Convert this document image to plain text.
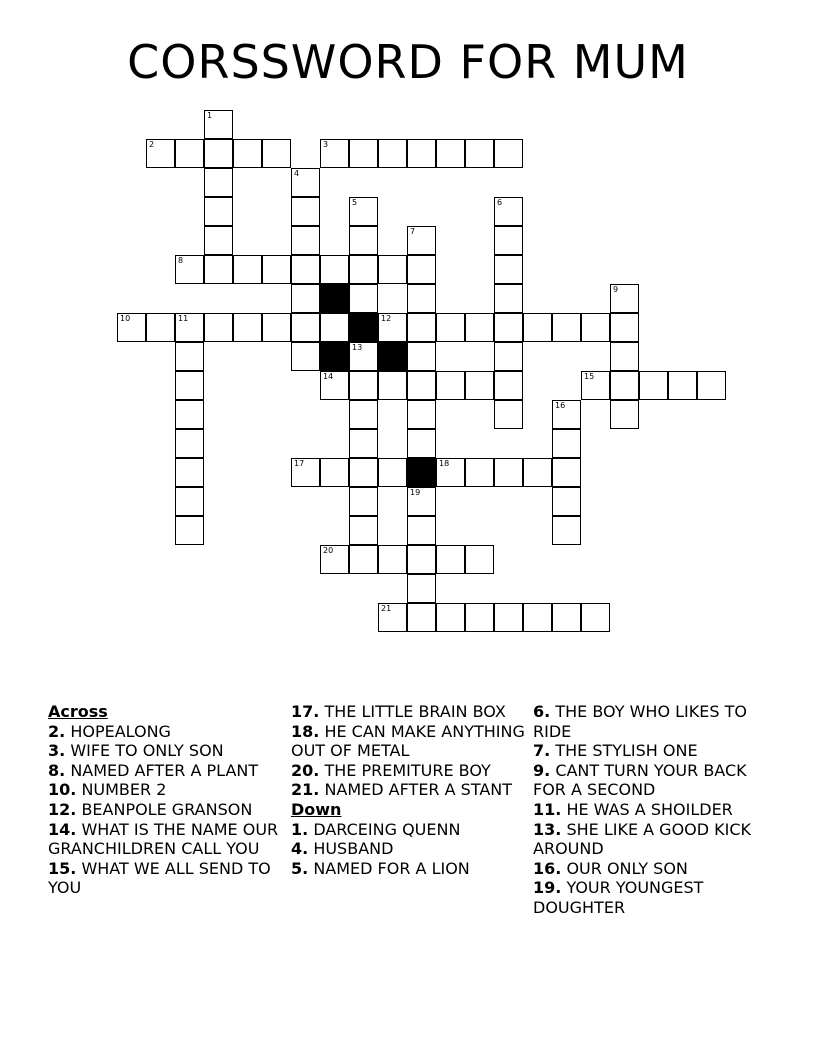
CORSSWORD FOR MUM
2	3
8
10	11	12
14	15
17	18
20
21
1
4
5
13
6
7
9
16
19
Across
2. HOPEALONG
3. WIFE TO ONLY SON
8. NAMED AFTER A PLANT
10. NUMBER 2
12. BEANPOLE GRANSON
14. WHAT IS THE NAME OUR GRANCHILDREN CALL YOU
15. WHAT WE ALL SEND TO YOU
17. THE LITTLE BRAIN BOX
18. HE CAN MAKE ANYTHING OUT OF METAL
20. THE PREMITURE BOY
21. NAMED AFTER A STANT
Down
1. DARCEING QUENN
4. HUSBAND
5. NAMED FOR A LION
6. THE BOY WHO LIKES TO RIDE
7. THE STYLISH ONE
9. CANT TURN YOUR BACK FOR A SECOND
11. HE WAS A SHOILDER
13. SHE LIKE A GOOD KICK AROUND
16. OUR ONLY SON
19. YOUR YOUNGEST DOUGHTER
